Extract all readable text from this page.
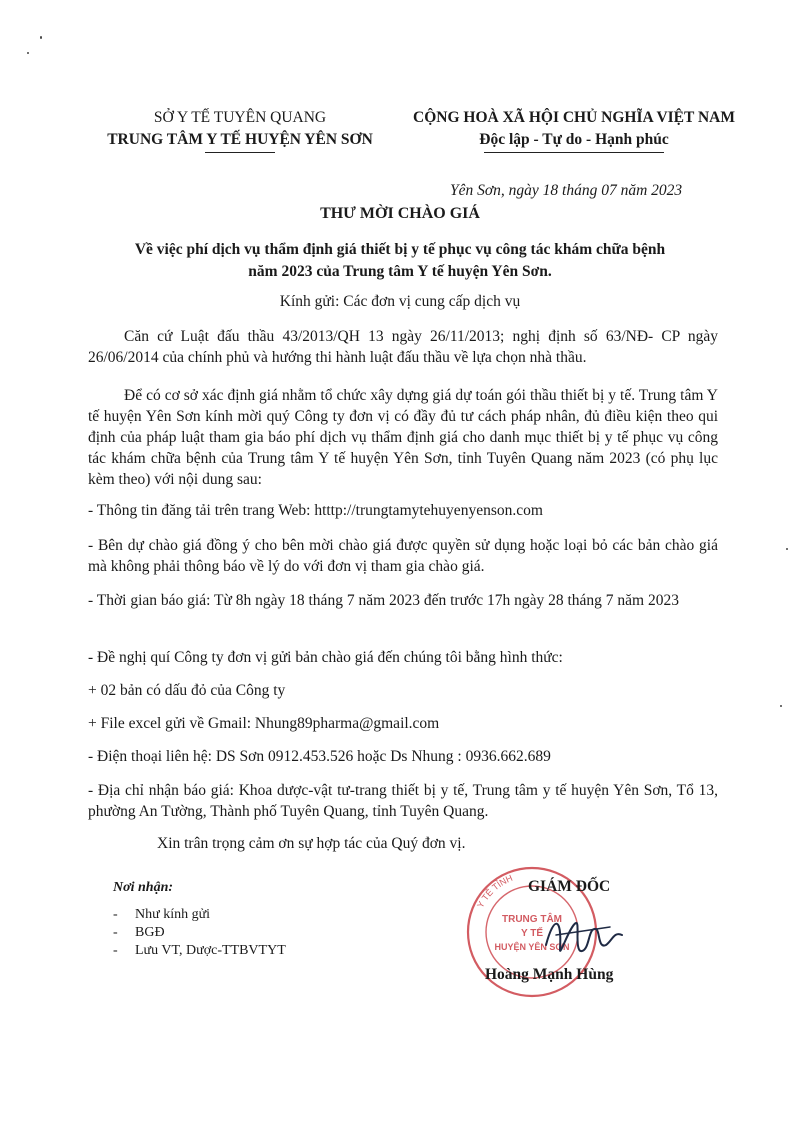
SỞ Y TẾ TUYÊN QUANG
TRUNG TÂM Y TẾ HUYỆN YÊN SƠN
CỘNG HOÀ XÃ HỘI CHỦ NGHĨA VIỆT NAM
Độc lập - Tự do - Hạnh phúc
Yên Sơn, ngày 18 tháng 07 năm 2023
THƯ MỜI CHÀO GIÁ
Về việc phí dịch vụ thẩm định giá thiết bị y tế phục vụ công tác khám chữa bệnh
năm 2023 của Trung tâm Y tế huyện Yên Sơn.
Kính gửi: Các đơn vị cung cấp dịch vụ
Căn cứ Luật đấu thầu 43/2013/QH 13 ngày 26/11/2013; nghị định số 63/NĐ- CP ngày 26/06/2014 của chính phủ và hướng thi hành luật đấu thầu về lựa chọn nhà thầu.
Để có cơ sở xác định giá nhằm tổ chức xây dựng giá dự toán gói thầu thiết bị y tế. Trung tâm Y tế huyện Yên Sơn kính mời quý Công ty đơn vị có đầy đủ tư cách pháp nhân, đủ điều kiện theo qui định của pháp luật tham gia báo phí dịch vụ thẩm định giá cho danh mục thiết bị y tế phục vụ công tác khám chữa bệnh của Trung tâm Y tế huyện Yên Sơn, tỉnh Tuyên Quang năm 2023 (có phụ lục kèm theo) với nội dung sau:
- Thông tin đăng tải trên trang Web: htttp://trungtamytehuyenyenson.com
- Bên dự chào giá đồng ý cho bên mời chào giá được quyền sử dụng hoặc loại bỏ các bản chào giá mà không phải thông báo về lý do với đơn vị tham gia chào giá.
- Thời gian báo giá: Từ 8h ngày 18 tháng 7 năm 2023 đến trước 17h ngày 28 tháng 7 năm 2023
- Đề nghị quí Công ty đơn vị gửi bản chào giá đến chúng tôi bằng hình thức:
+ 02 bản có dấu đỏ của Công ty
+ File excel gửi về Gmail: Nhung89pharma@gmail.com
- Điện thoại liên hệ: DS Sơn 0912.453.526 hoặc Ds Nhung : 0936.662.689
- Địa chỉ nhận báo giá: Khoa dược-vật tư-trang thiết bị y tế, Trung tâm y tế huyện Yên Sơn, Tổ 13, phường An Tường, Thành phố Tuyên Quang, tỉnh Tuyên Quang.
Xin trân trọng cảm ơn sự hợp tác của Quý đơn vị.
Nơi nhận:
- Như kính gửi
- BGĐ
- Lưu VT, Dược-TTBVTYT
Y TẾ TỈNH
TRUNG TÂM
Y TẾ
HUYỆN YÊN SƠN
GIÁM ĐỐC
Hoàng Mạnh Hùng
